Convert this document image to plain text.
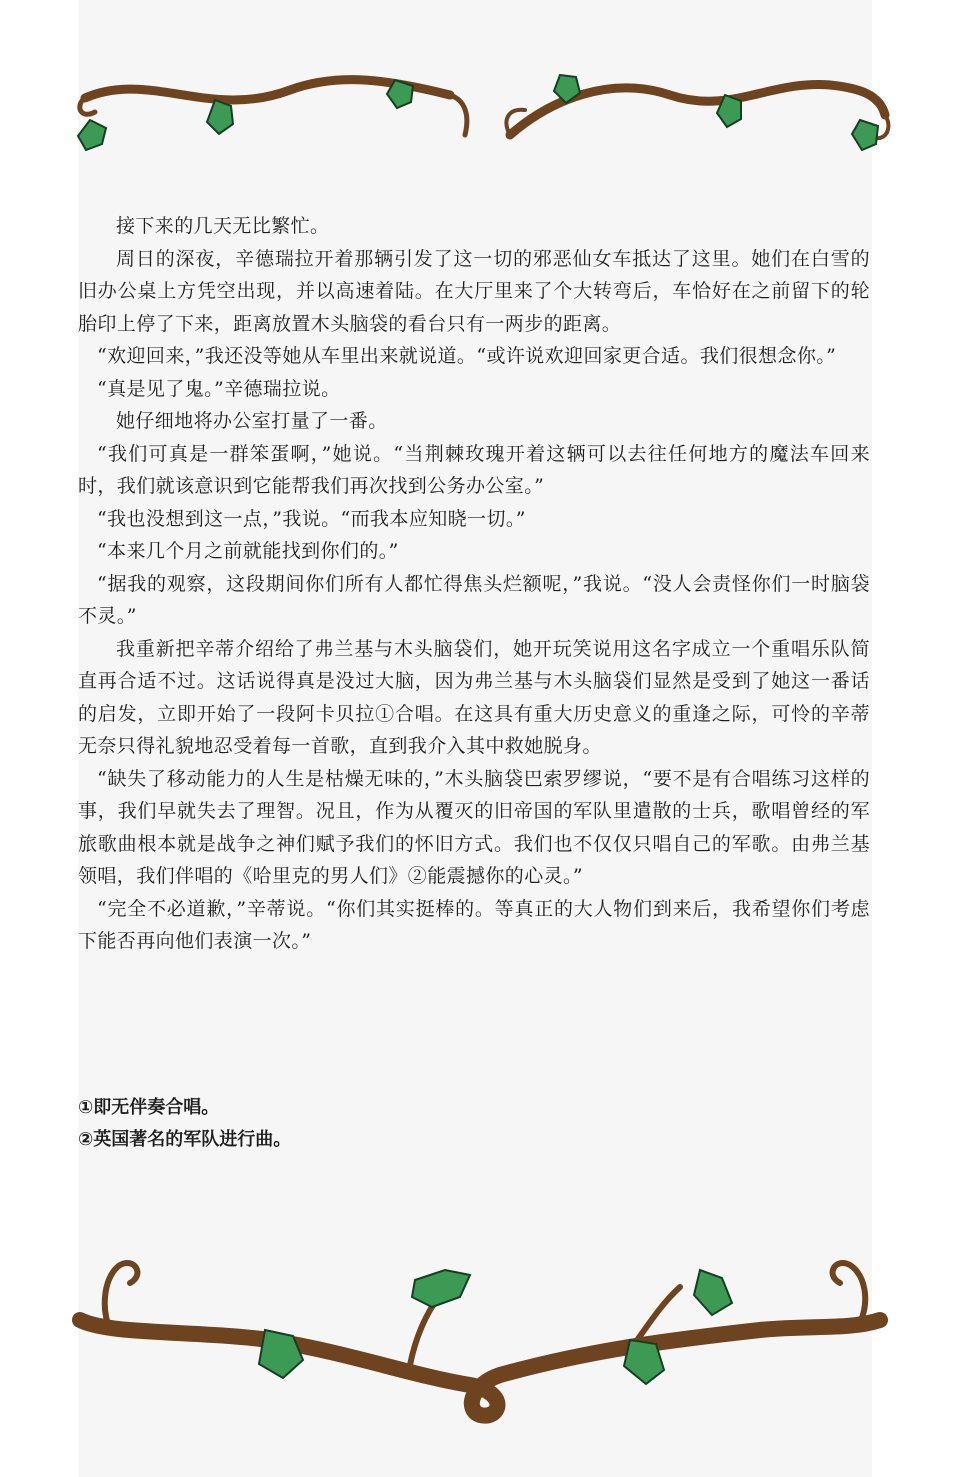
接下来的几天无比繁忙。

周日的深夜，辛德瑞拉开着那辆引发了这一切的邪恶仙女车抵达了这里。她们在白雪的旧办公桌上方凭空出现，并以高速着陆。在大厅里来了个大转弯后，车恰好在之前留下的轮胎印上停了下来，距离放置木头脑袋的看台只有一两步的距离。

“欢迎回来，”我还没等她从车里出来就说道。“或许说欢迎回家更合适。我们很想念你。”

“真是见了鬼。”辛德瑞拉说。

她仔细地将办公室打量了一番。

“我们可真是一群笨蛋啊，”她说。“当荆棘玫瑰开着这辆可以去往任何地方的魔法车回来时，我们就该意识到它能帮我们再次找到公务办公室。”

“我也没想到这一点，”我说。“而我本应知晓一切。”

“本来几个月之前就能找到你们的。”

“据我的观察，这段期间你们所有人都忙得焦头烂额呢，”我说。“没人会责怪你们一时脑袋不灵。”

我重新把辛蒂介绍给了弗兰基与木头脑袋们，她开玩笑说用这名字成立一个重唱乐队简直再合适不过。这话说得真是没过大脑，因为弗兰基与木头脑袋们显然是受到了她这一番话的启发，立即开始了一段阿卡贝拉①合唱。在这具有重大历史意义的重逢之际，可怜的辛蒂无奈只得礼貌地忍受着每一首歌，直到我介入其中救她脱身。

“缺失了移动能力的人生是枯燥无味的，”木头脑袋巴索罗缪说，“要不是有合唱练习这样的事，我们早就失去了理智。况且，作为从覆灭的旧帝国的军队里遣散的士兵，歌唱曾经的军旅歌曲根本就是战争之神们赋予我们的怀旧方式。我们也不仅仅只唱自己的军歌。由弗兰基领唱，我们伴唱的《哈里克的男人们》②能震撼你的心灵。”

“完全不必道歉，”辛蒂说。“你们其实挺棒的。等真正的大人物们到来后，我希望你们考虑下能否再向他们表演一次。”

①即无伴奏合唱。

②英国著名的军队进行曲。
